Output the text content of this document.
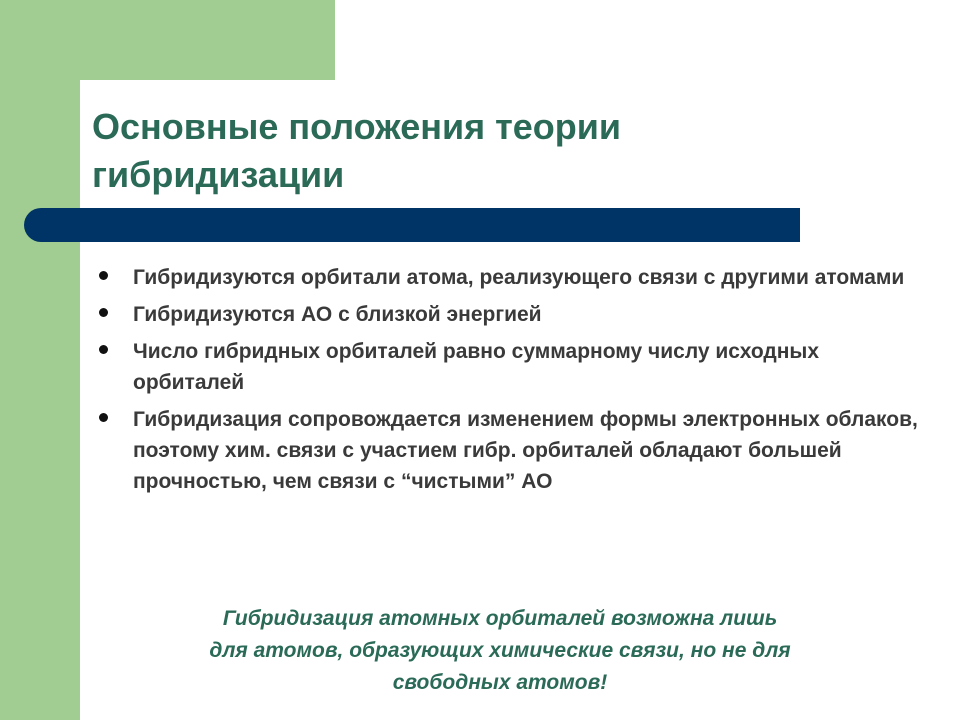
Основные положения теории
гибридизации
Гибридизуются орбитали атома, реализующего связи с другими атомами
Гибридизуются АО с близкой энергией
Число гибридных орбиталей равно суммарному числу исходных орбиталей
Гибридизация сопровождается изменением формы электронных облаков, поэтому хим. связи с участием гибр. орбиталей обладают большей прочностью, чем связи с “чистыми” АО

Гибридизация атомных орбиталей возможна лишь
для атомов, образующих химические связи, но не для
свободных атомов!
